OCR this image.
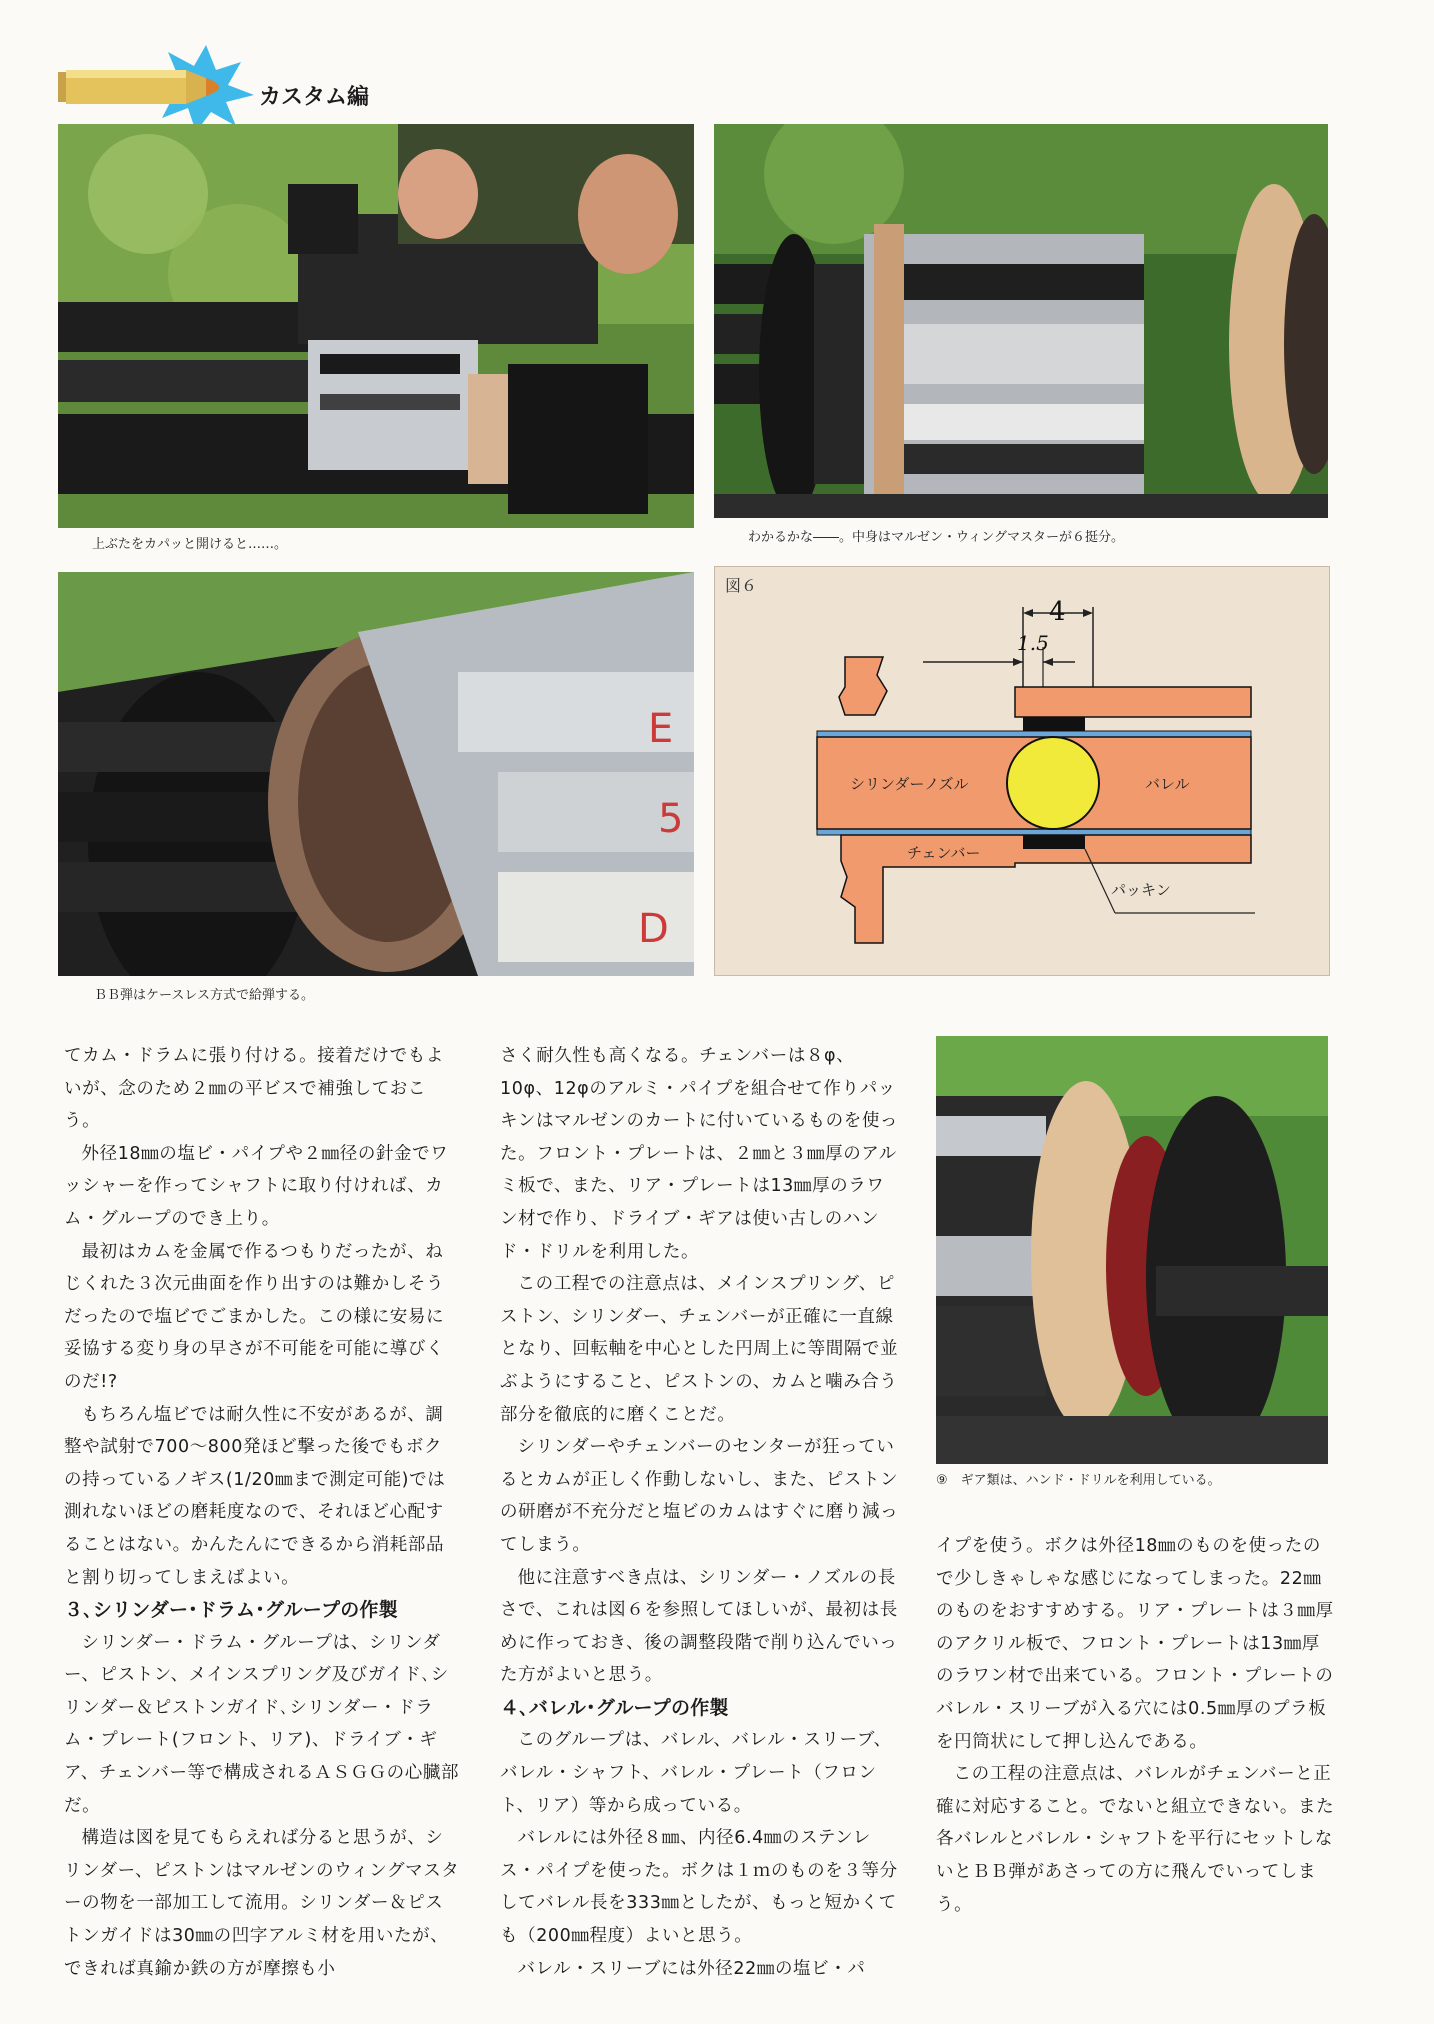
カスタム編
上ぶたをカパッと開けると……。	わかるかな――。中身はマルゼン・ウィングマスターが６挺分。
E
5
D
ＢＢ弾はケースレス方式で給弾する。
図６
4
1.5
シリンダーノズル	バレル
チェンバー
パッキン
⑨　ギア類は、ハンド・ドリルを利用している。

てカム・ドラムに張り付ける。接着だけでもよいが、念のため２㎜の平ビスで補強しておこう。

外径18㎜の塩ビ・パイプや２㎜径の針金でワッシャーを作ってシャフトに取り付ければ、カム・グループのでき上り。

最初はカムを金属で作るつもりだったが、ねじくれた３次元曲面を作り出すのは難かしそうだったので塩ビでごまかした。この様に安易に妥協する変り身の早さが不可能を可能に導びくのだ!?

もちろん塩ビでは耐久性に不安があるが、調整や試射で700～800発ほど撃った後でもボクの持っているノギス(1/20㎜まで測定可能)では測れないほどの磨耗度なので、それほど心配することはない。かんたんにできるから消耗部品と割り切ってしまえばよい。

３､シリンダー･ドラム･グループの作製

シリンダー・ドラム・グループは、シリンダー、ピストン、メインスプリング及びガイド､シリンダー＆ピストンガイド､シリンダー・ドラム・プレート(フロント、リア)、ドライブ・ギア、チェンバー等で構成されるＡＳＧＧの心臓部だ。

構造は図を見てもらえれば分ると思うが、シリンダー、ピストンはマルゼンのウィングマスターの物を一部加工して流用。シリンダー＆ピストンガイドは30㎜の凹字アルミ材を用いたが、できれば真鍮か鉄の方が摩擦も小

さく耐久性も高くなる。チェンバーは８φ、10φ、12φのアルミ・パイプを組合せて作りパッキンはマルゼンのカートに付いているものを使った。フロント・プレートは、２㎜と３㎜厚のアルミ板で、また、リア・プレートは13㎜厚のラワン材で作り、ドライブ・ギアは使い古しのハンド・ドリルを利用した。

この工程での注意点は、メインスプリング、ピストン、シリンダー、チェンバーが正確に一直線となり、回転軸を中心とした円周上に等間隔で並ぶようにすること、ピストンの、カムと噛み合う部分を徹底的に磨くことだ。

シリンダーやチェンバーのセンターが狂っているとカムが正しく作動しないし、また、ピストンの研磨が不充分だと塩ビのカムはすぐに磨り減ってしまう。

他に注意すべき点は、シリンダー・ノズルの長さで、これは図６を参照してほしいが、最初は長めに作っておき、後の調整段階で削り込んでいった方がよいと思う。

４､バレル･グループの作製

このグループは、バレル、バレル・スリーブ、バレル・シャフト、バレル・プレート（フロント、リア）等から成っている。

バレルには外径８㎜、内径6.4㎜のステンレス・パイプを使った。ボクは１ｍのものを３等分してバレル長を333㎜としたが、もっと短かくても（200㎜程度）よいと思う。

バレル・スリーブには外径22㎜の塩ビ・パ

イプを使う。ボクは外径18㎜のものを使ったので少しきゃしゃな感じになってしまった。22㎜のものをおすすめする。リア・プレートは３㎜厚のアクリル板で、フロント・プレートは13㎜厚のラワン材で出来ている。フロント・プレートのバレル・スリーブが入る穴には0.5㎜厚のプラ板を円筒状にして押し込んである。

この工程の注意点は、バレルがチェンバーと正確に対応すること。でないと組立できない。また各バレルとバレル・シャフトを平行にセットしないとＢＢ弾があさっての方に飛んでいってしまう。
